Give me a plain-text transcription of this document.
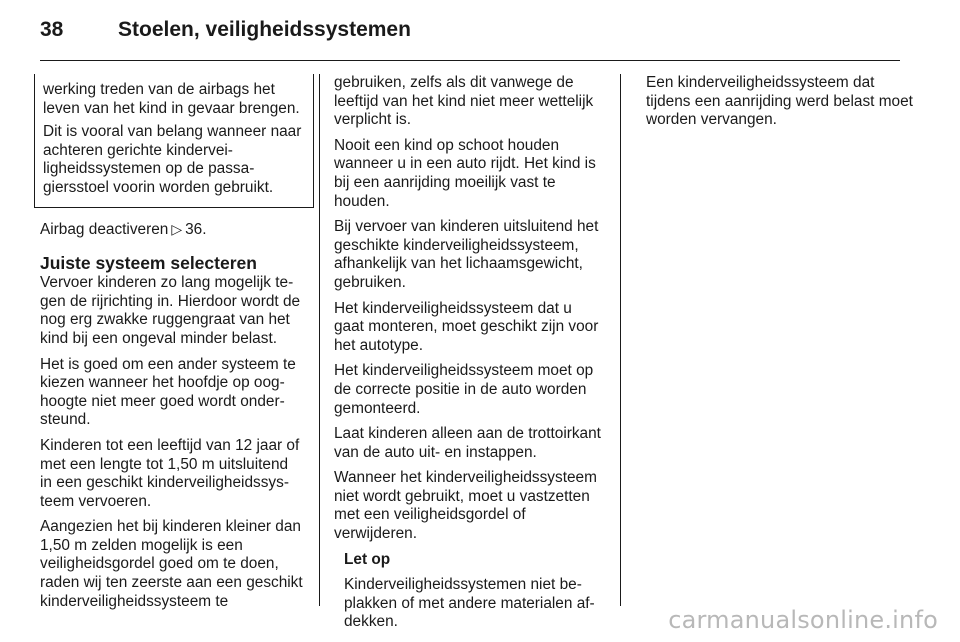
38	Stoelen, veiligheidssystemen

werking treden van de airbags het leven van het kind in gevaar brengen.

Dit is vooral van belang wanneer naar achteren gerichte kinderveiligheidssystemen op de passagiersstoel voorin worden gebruikt.

Airbag deactiveren ▷ 36.

Juiste systeem selecteren

Vervoer kinderen zo lang mogelijk tegen de rijrichting in. Hierdoor wordt de nog erg zwakke ruggengraat van het kind bij een ongeval minder belast.

Het is goed om een ander systeem te kiezen wanneer het hoofdje op ooghoogte niet meer goed wordt ondersteund.

Kinderen tot een leeftijd van 12 jaar of met een lengte tot 1,50 m uitsluitend in een geschikt kinderveiligheidssysteem vervoeren.

Aangezien het bij kinderen kleiner dan 1,50 m zelden mogelijk is een veiligheidsgordel goed om te doen, raden wij ten zeerste aan een geschikt kinderveiligheidssysteem te

gebruiken, zelfs als dit vanwege de leeftijd van het kind niet meer wettelijk verplicht is.

Nooit een kind op schoot houden wanneer u in een auto rijdt. Het kind is bij een aanrijding moeilijk vast te houden.

Bij vervoer van kinderen uitsluitend het geschikte kinderveiligheidssysteem, afhankelijk van het lichaamsgewicht, gebruiken.

Het kinderveiligheidssysteem dat u gaat monteren, moet geschikt zijn voor het autotype.

Het kinderveiligheidssysteem moet op de correcte positie in de auto worden gemonteerd.

Laat kinderen alleen aan de trottoirkant van de auto uit- en instappen.

Wanneer het kinderveiligheidssysteem niet wordt gebruikt, moet u vastzetten met een veiligheidsgordel of verwijderen.

Let op

Kinderveiligheidssystemen niet beplakken of met andere materialen afdekken.

Een kinderveiligheidssysteem dat tijdens een aanrijding werd belast moet worden vervangen.

carmanualsonline.info
